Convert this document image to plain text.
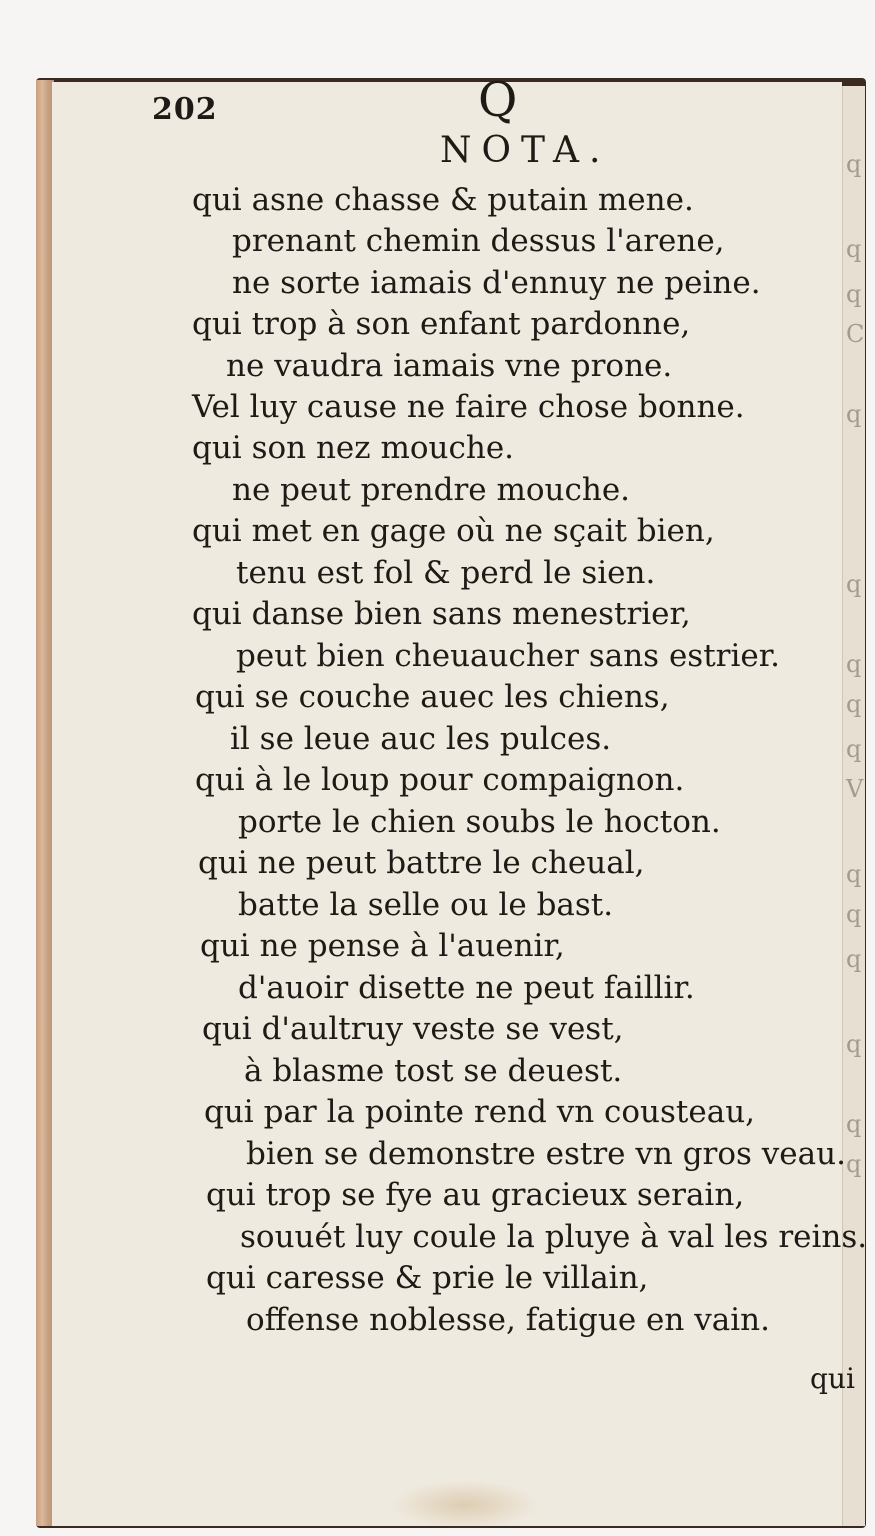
202	Q
NOTA.
qui asne chasse & putain mene.
prenant chemin dessus l'arene,
ne sorte iamais d'ennuy ne peine.
qui trop à son enfant pardonne,
ne vaudra iamais vne prone.
Vel luy cause ne faire chose bonne.
qui son nez mouche.
ne peut prendre mouche.
qui met en gage où ne sçait bien,
tenu est fol & perd le sien.
qui danse bien sans menestrier,
peut bien cheuaucher sans estrier.
qui se couche auec les chiens,
il se leue auc les pulces.
qui à le loup pour compaignon.
porte le chien soubs le hocton.
qui ne peut battre le cheual,
batte la selle ou le bast.
qui ne pense à l'auenir,
d'auoir disette ne peut faillir.
qui d'aultruy veste se vest,
à blasme tost se deuest.
qui par la pointe rend vn cousteau,
bien se demonstre estre vn gros veau.
qui trop se fye au gracieux serain,
souuét luy coule la pluye à val les reins.
qui caresse & prie le villain,
offense noblesse, fatigue en vain.
qui
q
q
q
C
q
q
q
q
q
V
q
q
q
q
q
q
